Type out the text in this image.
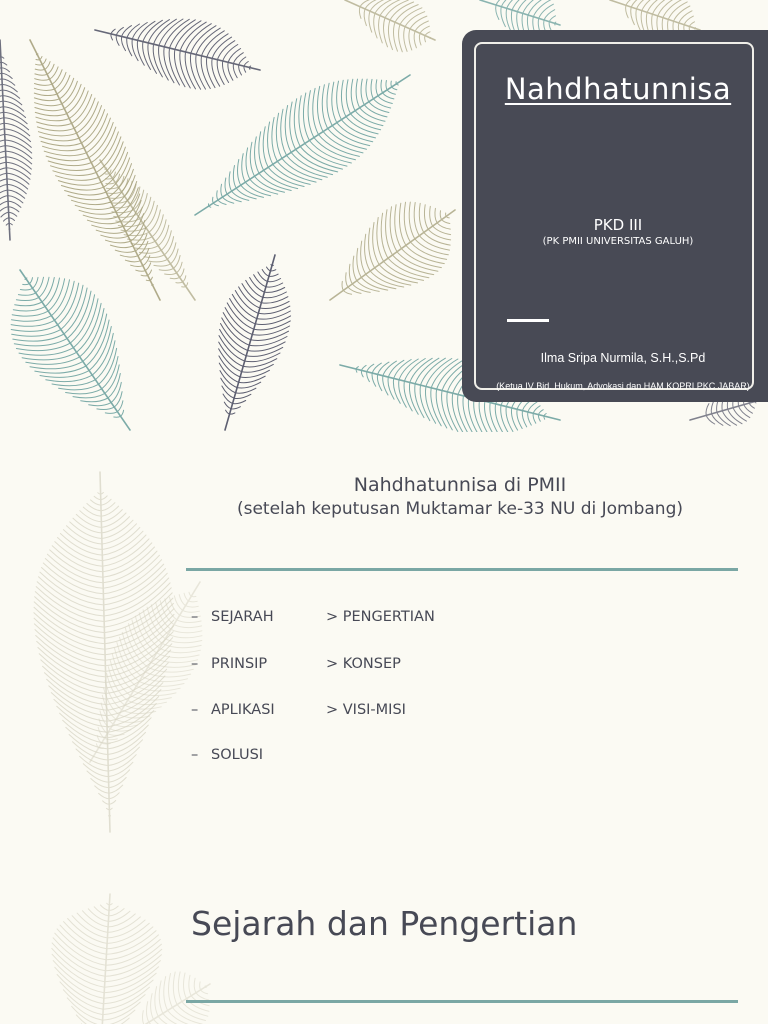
Nahdhatunnisa
PKD III
(PK PMII UNIVERSITAS GALUH)
Ilma Sripa Nurmila, S.H.,S.Pd
(Ketua IV Bid. Hukum, Advokasi dan HAM KOPRI PKC JABAR)
Nahdhatunnisa di PMII
(setelah keputusan Muktamar ke-33 NU di Jombang)
– SEJARAH	> PENGERTIAN
– PRINSIP	> KONSEP
– APLIKASI	> VISI-MISI
– SOLUSI
Sejarah dan Pengertian
